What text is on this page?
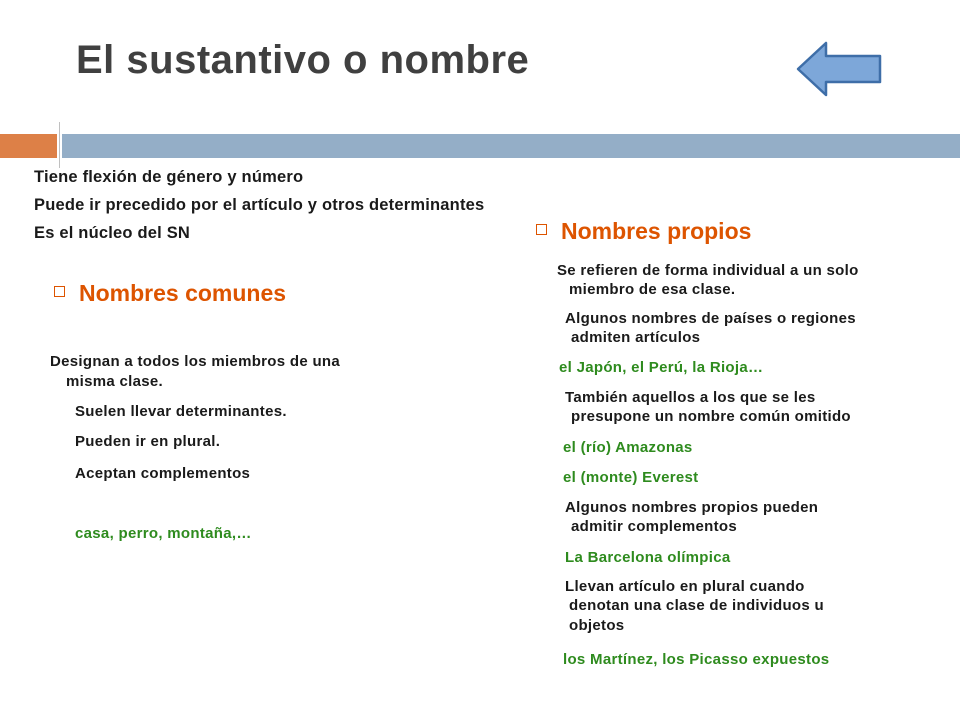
El sustantivo o nombre
Tiene flexión de género y número
Puede ir precedido por el artículo y otros determinantes
Es el núcleo del SN
Nombres comunes
Designan a todos los miembros de una
misma clase.
Suelen llevar determinantes.
Pueden ir en plural.
Aceptan complementos
casa, perro, montaña,…
Nombres propios
Se refieren de forma individual a un solo
miembro de esa clase.
Algunos nombres de países o regiones
admiten artículos
el Japón, el Perú, la Rioja…
También aquellos a los que se les
presupone un nombre común omitido
el (río) Amazonas
el (monte) Everest
Algunos nombres propios pueden
admitir complementos
La Barcelona olímpica
Llevan artículo en plural cuando
denotan una clase de individuos u
objetos
los Martínez, los Picasso expuestos
